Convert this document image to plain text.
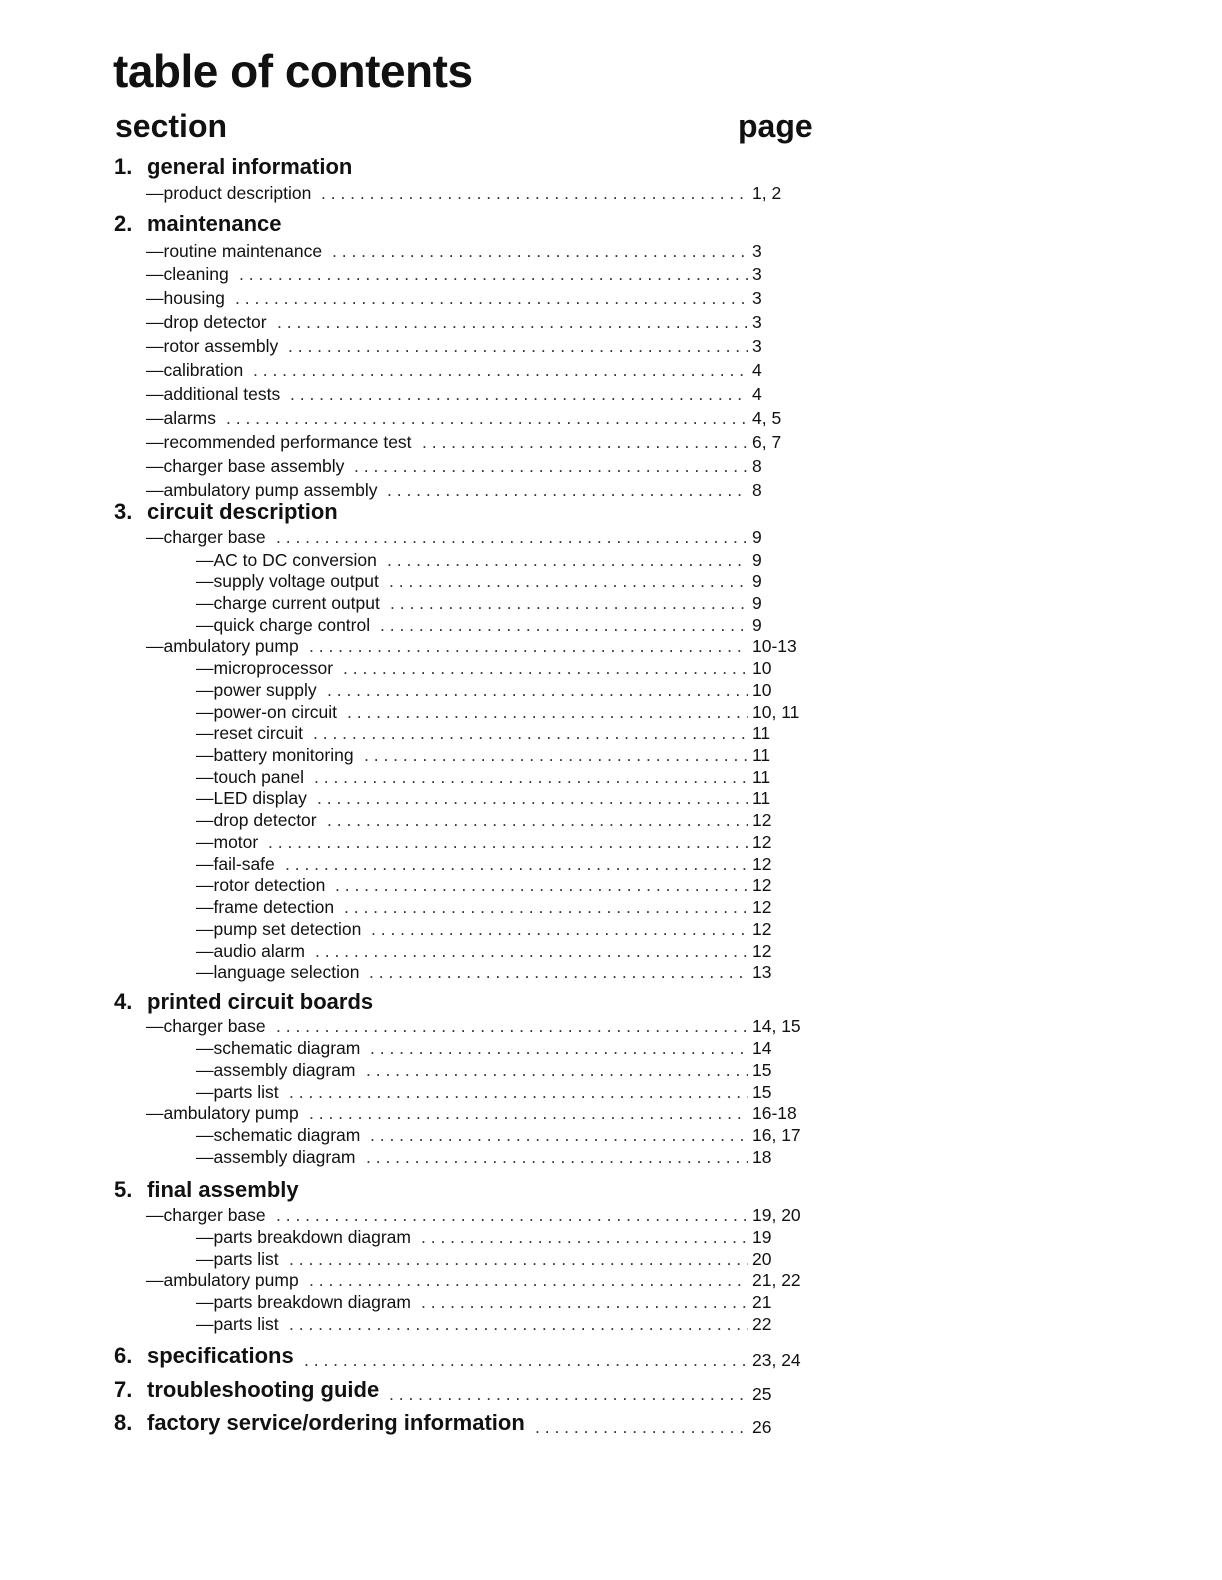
table of contents
section	page
1. general information
—product description . . .	1, 2
2. maintenance
—routine maintenance . . .	3
—cleaning . . .	3
—housing . . .	3
—drop detector . . .	3
—rotor assembly . . .	3
—calibration . . .	4
—additional tests . . .	4
—alarms . . .	4, 5
—recommended performance test . . .	6, 7
—charger base assembly . . .	8
—ambulatory pump assembly . . .	8
3. circuit description
—charger base . . .	9
—AC to DC conversion . . .	9
—supply voltage output . . .	9
—charge current output . . .	9
—quick charge control . . .	9
—ambulatory pump . . .	10-13
—microprocessor . . .	10
—power supply . . .	10
—power-on circuit . . .	10, 11
—reset circuit . . .	11
—battery monitoring . . .	11
—touch panel . . .	11
—LED display . . .	11
—drop detector . . .	12
—motor . . .	12
—fail-safe . . .	12
—rotor detection . . .	12
—frame detection . . .	12
—pump set detection . . .	12
—audio alarm . . .	12
—language selection . . .	13
4. printed circuit boards
—charger base . . .	14, 15
—schematic diagram . . .	14
—assembly diagram . . .	15
—parts list . . .	15
—ambulatory pump . . .	16-18
—schematic diagram . . .	16, 17
—assembly diagram . . .	18
5. final assembly
—charger base . . .	19, 20
—parts breakdown diagram . . .	19
—parts list . . .	20
—ambulatory pump . . .	21, 22
—parts breakdown diagram . . .	21
—parts list . . .	22
6. specifications . . .	23, 24
7. troubleshooting guide . . .	25
8. factory service/ordering information . . .	26
